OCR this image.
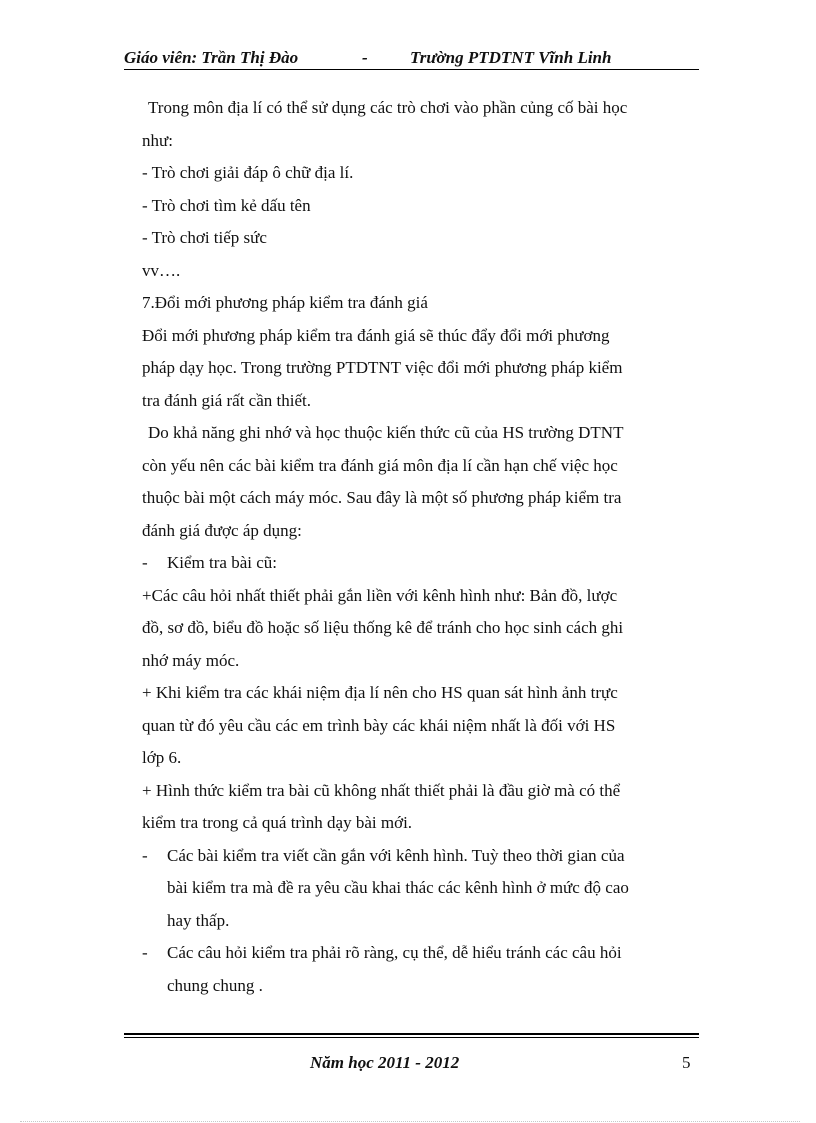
Giáo viên: Trần Thị Đào	- Trường PTDTNT Vĩnh Linh

Trong môn địa lí có thể sử dụng các trò chơi vào phần củng cố bài học

như:

- Trò chơi giải đáp ô chữ địa lí.

- Trò chơi tìm kẻ dấu tên

- Trò chơi tiếp sức

vv….

7.Đổi mới phương pháp kiểm tra đánh giá

Đổi mới phương pháp kiểm tra đánh giá sẽ thúc đẩy đổi mới phương

pháp dạy học. Trong trường PTDTNT việc đổi mới phương pháp kiểm

tra đánh giá rất cần thiết.

Do khả năng ghi nhớ và học thuộc kiến thức cũ của HS trường DTNT

còn yếu nên các bài kiểm tra đánh giá môn địa lí cần hạn chế việc học

thuộc bài một cách máy móc. Sau đây là một số phương pháp kiểm tra

đánh giá được áp dụng:

- Kiểm tra bài cũ:

+Các câu hỏi nhất thiết phải gắn liền với kênh hình như: Bản đồ, lược

đồ, sơ đồ, biểu đồ hoặc số liệu thống kê để tránh cho học sinh cách ghi

nhớ máy móc.

+ Khi kiểm tra các khái niệm địa lí nên cho HS quan sát hình ảnh trực

quan từ đó yêu cầu các em trình bày các khái niệm nhất là đối với HS

lớp 6.

+ Hình thức kiểm tra bài cũ không nhất thiết phải là đầu giờ mà có thể

kiểm tra trong cả quá trình dạy bài mới.

- Các bài kiểm tra viết cần gắn với kênh hình. Tuỳ theo thời gian của
bài kiểm tra mà đề ra yêu cầu khai thác các kênh hình ở mức độ cao
hay thấp.
- Các câu hỏi kiểm tra phải rõ ràng, cụ thể, dễ hiểu tránh các câu hỏi
chung chung .
Năm học 2011 - 2012	5
